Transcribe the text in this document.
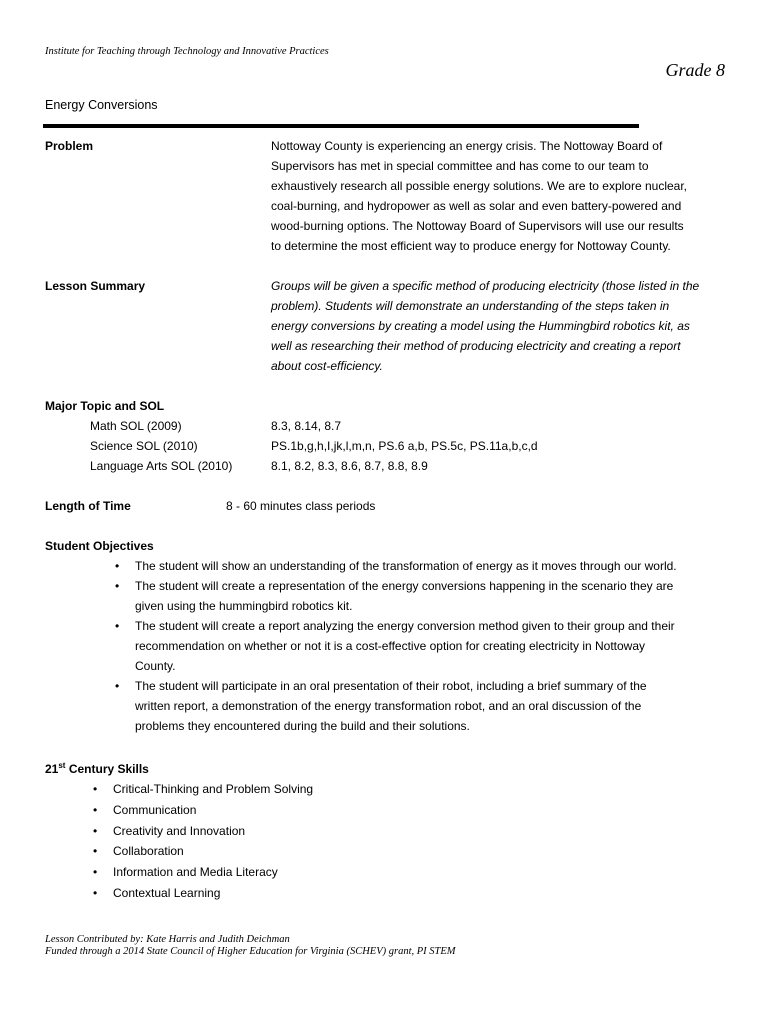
Institute for Teaching through Technology and Innovative Practices
Grade 8
Energy Conversions
Problem	Nottoway County is experiencing an energy crisis. The Nottoway Board of
Supervisors has met in special committee and has come to our team to
exhaustively research all possible energy solutions. We are to explore nuclear,
coal-burning, and hydropower as well as solar and even battery-powered and
wood-burning options. The Nottoway Board of Supervisors will use our results
to determine the most efficient way to produce energy for Nottoway County.
Lesson Summary	Groups will be given a specific method of producing electricity (those listed in the
problem). Students will demonstrate an understanding of the steps taken in
energy conversions by creating a model using the Hummingbird robotics kit, as
well as researching their method of producing electricity and creating a report
about cost-efficiency.
Major Topic and SOL
Math SOL (2009)	8.3, 8.14, 8.7
Science SOL (2010)	PS.1b,g,h,I,jk,l,m,n, PS.6 a,b, PS.5c, PS.11a,b,c,d
Language Arts SOL (2010)	8.1, 8.2, 8.3, 8.6, 8.7, 8.8, 8.9
Length of Time	8 - 60 minutes class periods
Student Objectives
• The student will show an understanding of the transformation of energy as it moves through our world.
• The student will create a representation of the energy conversions happening in the scenario they are
given using the hummingbird robotics kit.
• The student will create a report analyzing the energy conversion method given to their group and their
recommendation on whether or not it is a cost-effective option for creating electricity in Nottoway
County.
• The student will participate in an oral presentation of their robot, including a brief summary of the
written report, a demonstration of the energy transformation robot, and an oral discussion of the
problems they encountered during the build and their solutions.
21st Century Skills
• Critical-Thinking and Problem Solving
• Communication
• Creativity and Innovation
• Collaboration
• Information and Media Literacy
• Contextual Learning
Lesson Contributed by: Kate Harris and Judith Deichman
Funded through a 2014 State Council of Higher Education for Virginia (SCHEV) grant, PI STEM
